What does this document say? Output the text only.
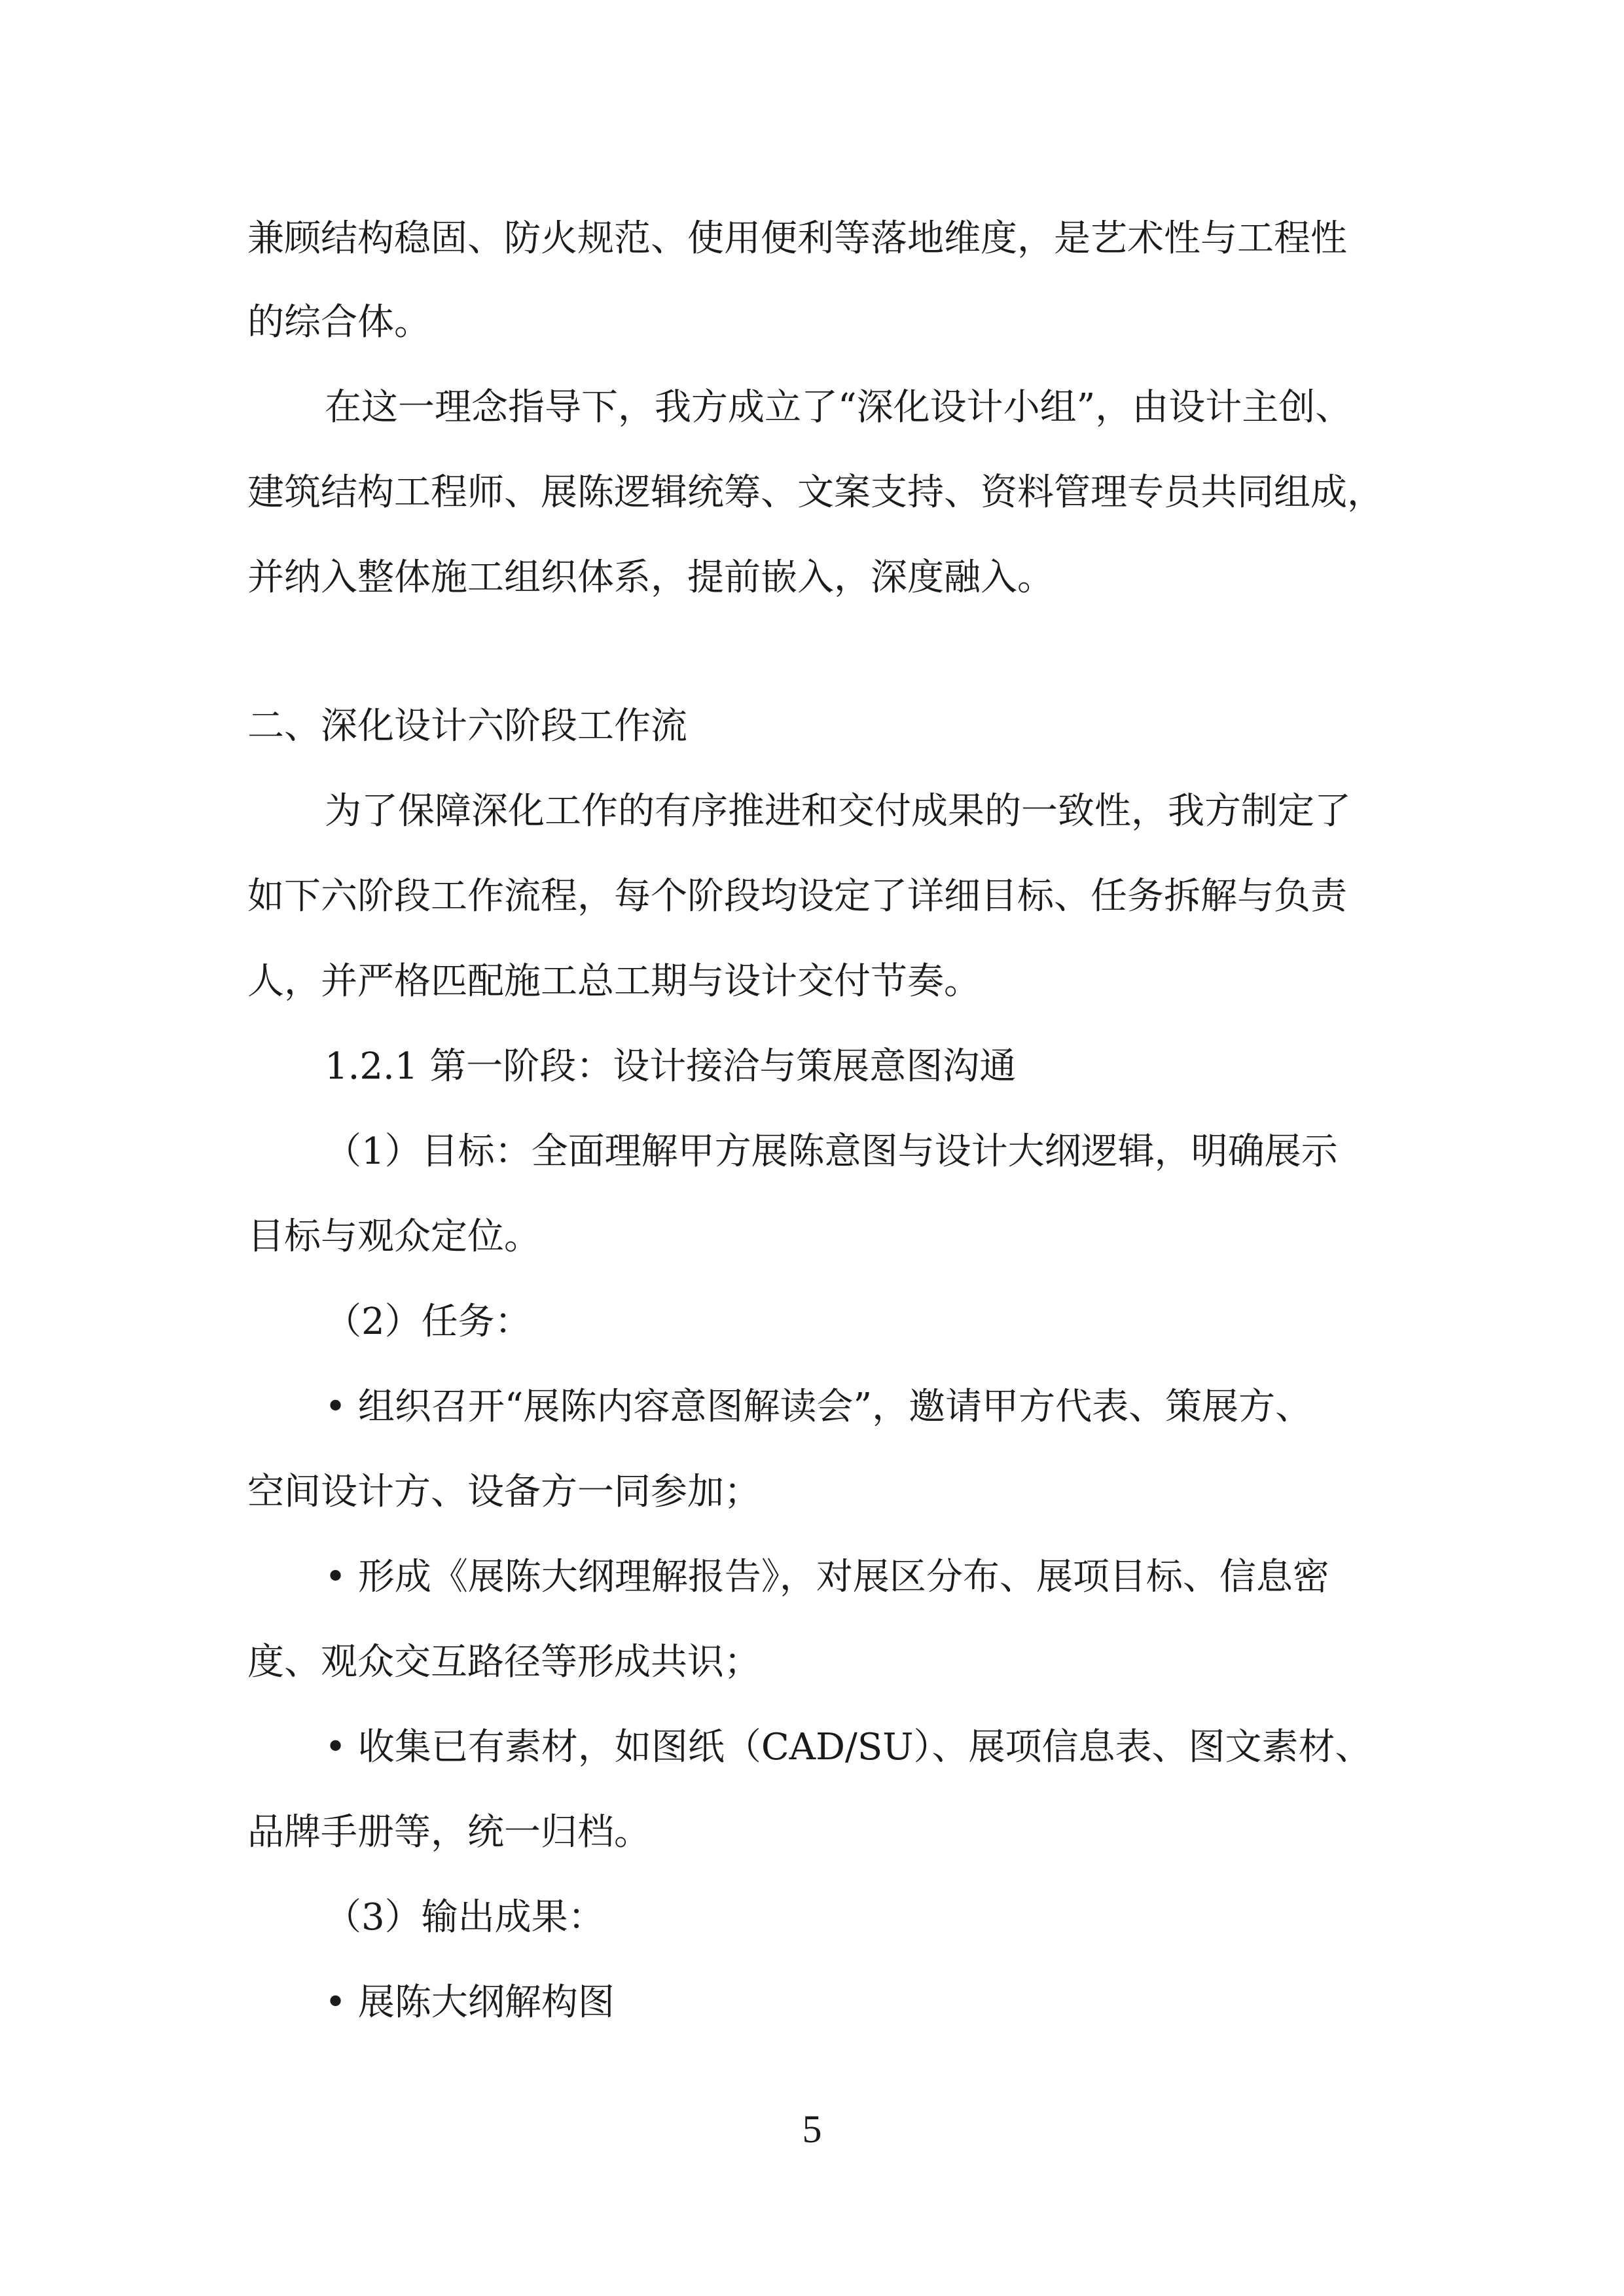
兼顾结构稳固、防火规范、使用便利等落地维度，是艺术性与工程性
的综合体。
在这一理念指导下，我方成立了“深化设计小组”，由设计主创、
建筑结构工程师、展陈逻辑统筹、文案支持、资料管理专员共同组成，
并纳入整体施工组织体系，提前嵌入，深度融入。
二、深化设计六阶段工作流
为了保障深化工作的有序推进和交付成果的一致性，我方制定了
如下六阶段工作流程，每个阶段均设定了详细目标、任务拆解与负责
人，并严格匹配施工总工期与设计交付节奏。
1.2.1 第一阶段：设计接洽与策展意图沟通
（1）目标：全面理解甲方展陈意图与设计大纲逻辑，明确展示
目标与观众定位。
（2）任务：
• 组织召开“展陈内容意图解读会”，邀请甲方代表、策展方、
空间设计方、设备方一同参加；
• 形成《展陈大纲理解报告》，对展区分布、展项目标、信息密
度、观众交互路径等形成共识；
• 收集已有素材，如图纸（CAD/SU）、展项信息表、图文素材、
品牌手册等，统一归档。
（3）输出成果：
• 展陈大纲解构图
5
